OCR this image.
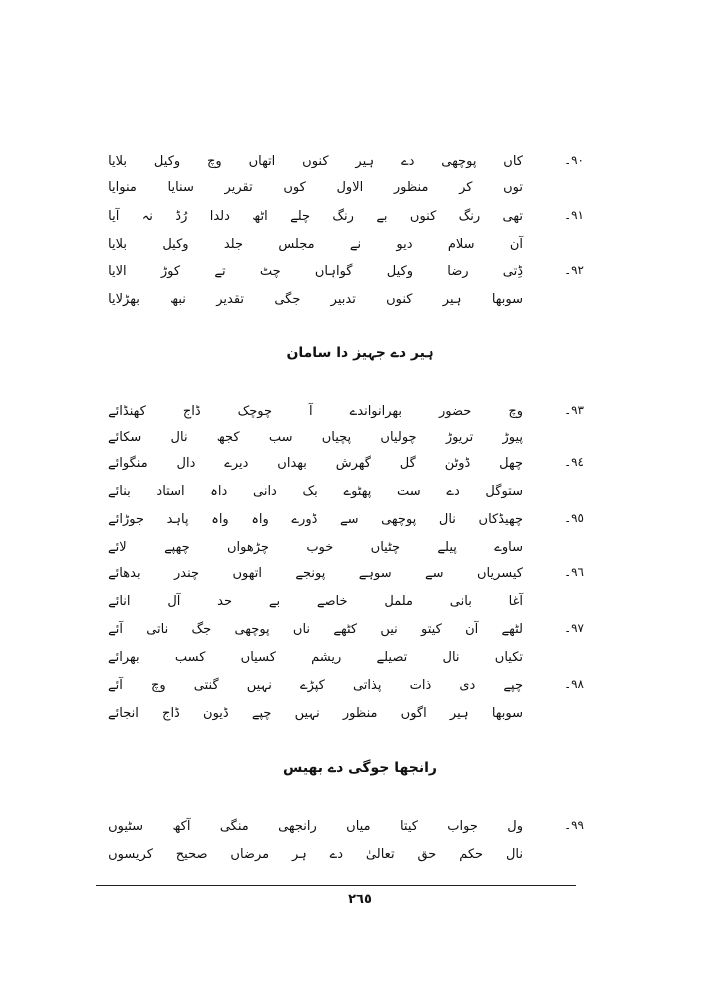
٩٠۔
کاں
پوچھی
دے
ہیر
کنوں
اتھاں
وچ
وکیل
بلایا
توں
کر
منظور
الاول
کوں
تقریر
سنایا
منوایا
٩١۔
تھی
رنگ
کنوں
بے
رنگ
چلے
اٹھ
دلدا
رُڈ
نہ
آیا
آن
سلام
دیو
نے
مجلس
جلد
وکیل
بلایا
٩٢۔
ڈِتی
رضا
وکیل
گواہاں
چٹ
تے
کوڑ
الایا
سوبھا
ہیر
کنوں
تدبیر
جگی
تقدیر
نبھ
بھڑلایا
ہیر دے جہیز دا سامان
٩٣۔
وچ
حضور
بھرانواندے
آ
چوچک
ڈاج
کھنڈائے
پیوڑ
تریوڑ
چولیاں
پچیاں
سب
کجھ
نال
سکائے
٩٤۔
چھل
ڈوٹن
گل
گھرش
بھداں
دیرے
دال
منگوائے
ستوگل
دے
ست
پھٹوے
بک
دانی
داہ
استاد
بنائے
٩٥۔
چھیڈکاں
نال
پوچھی
سے
ڈورے
واہ
واہ
پاہد
جوڑائے
ساوے
پیلے
چٹیاں
خوب
چڑھواں
چھپے
لائے
٩٦۔
کیسریاں
سے
سوہے
پونجے
اتھوں
چندر
بدھائے
آغا
بانی
ململ
خاصے
بے
حد
آل
انائے
٩٧۔
لٹھے
آن
کیتو
نیں
کٹھے
ناں
پوچھی
جگ
ناتی
آئے
تکیاں
نال
تصیلے
ریشم
کسیاں
کسب
بھرائے
٩٨۔
چپے
دی
ذات
پذاتی
کپڑے
نہیں
گنتی
وچ
آئے
سوبھا
ہیر
اگوں
منظور
نہیں
چپے
ڈیون
ڈاج
انجائے
رانجھا جوگی دے بھیس
٩٩۔
ول
جواب
کیتا
میاں
رانجھی
منگی
آکھ
سٹیوں
نال
حکم
حق
تعالیٰ
دے
ہر
مرضاں
صحیح
کریسوں
٢٦٥
